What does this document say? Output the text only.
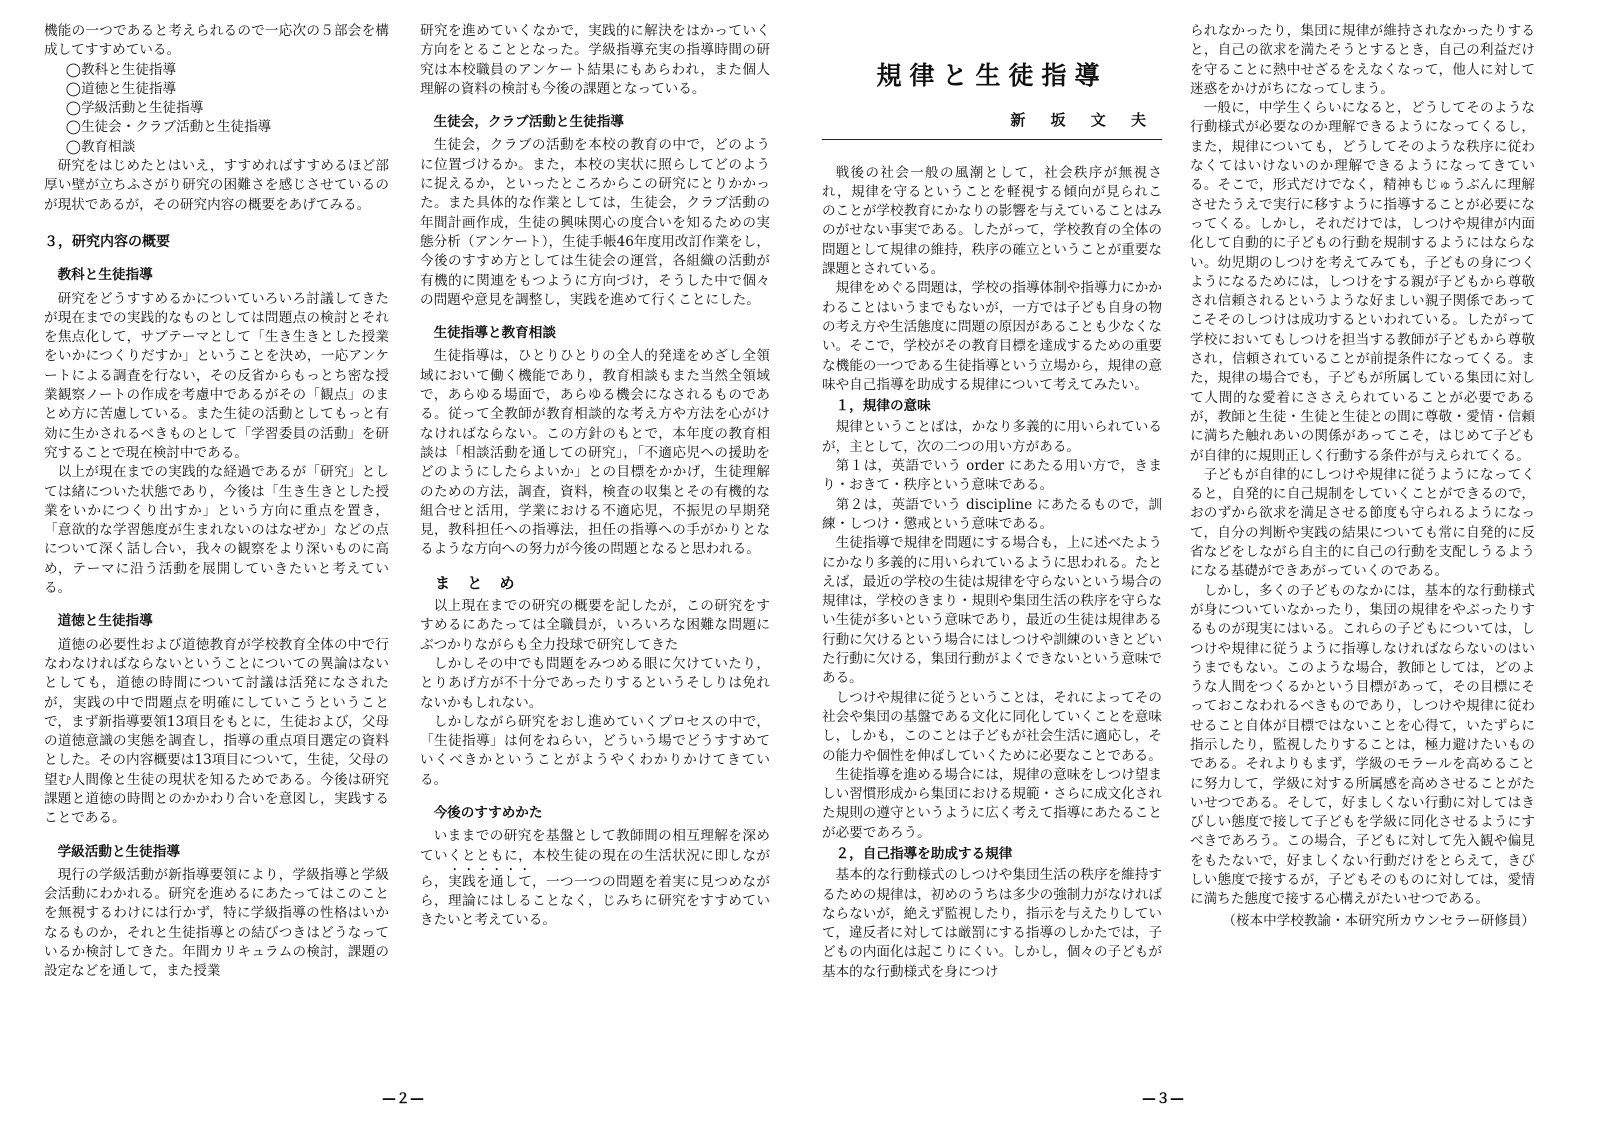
機能の一つであると考えられるので一応次の５部会を構成してすすめている。

◯教科と生徒指導

◯道徳と生徒指導

◯学級活動と生徒指導

◯生徒会・クラブ活動と生徒指導

◯教育相談

研究をはじめたとはいえ，すすめればすすめるほど部厚い壁が立ちふさがり研究の困難さを感じさせているのが現状であるが，その研究内容の概要をあげてみる。

３，研究内容の概要
教科と生徒指導

研究をどうすすめるかについていろいろ討議してきたが現在までの実践的なものとしては問題点の検討とそれを焦点化して，サブテーマとして「生き生きとした授業をいかにつくりだすか」ということを決め，一応アンケートによる調査を行ない，その反省からもっとち密な授業観察ノートの作成を考慮中であるがその「観点」のまとめ方に苦慮している。また生徒の活動としてもっと有効に生かされるべきものとして「学習委員の活動」を研究することで現在検討中である。

以上が現在までの実践的な経過であるが「研究」としては緒についた状態であり，今後は「生き生きとした授業をいかにつくり出すか」という方向に重点を置き，「意欲的な学習態度が生まれないのはなぜか」などの点について深く話し合い，我々の観察をより深いものに高め，テーマに沿う活動を展開していきたいと考えている。

道徳と生徒指導

道徳の必要性および道徳教育が学校教育全体の中で行なわなければならないということについての異論はないとしても，道徳の時間について討議は活発になされたが，実践の中で問題点を明確にしていこうということで，まず新指導要領13項目をもとに，生徒および，父母の道徳意識の実態を調査し，指導の重点項目選定の資料とした。その内容概要は13項目について，生徒，父母の望む人間像と生徒の現状を知るためである。今後は研究課題と道徳の時間とのかかわり合いを意図し，実践することである。

学級活動と生徒指導

現行の学級活動が新指導要領により，学級指導と学級会活動にわかれる。研究を進めるにあたってはこのことを無視するわけには行かず，特に学級指導の性格はいかなるものか，それと生徒指導との結びつきはどうなっているか検討してきた。年間カリキュラムの検討，課題の設定などを通して，また授業

研究を進めていくなかで，実践的に解決をはかっていく方向をとることとなった。学級指導充実の指導時間の研究は本校職員のアンケート結果にもあらわれ，また個人理解の資料の検討も今後の課題となっている。

生徒会，クラブ活動と生徒指導

生徒会，クラブの活動を本校の教育の中で，どのように位置づけるか。また，本校の実状に照らしてどのように捉えるか，といったところからこの研究にとりかかった。また具体的な作業としては，生徒会，クラブ活動の年間計画作成，生徒の興味関心の度合いを知るための実態分析（アンケート），生徒手帳46年度用改訂作業をし，今後のすすめ方としては生徒会の運営，各組織の活動が有機的に関連をもつように方向づけ，そうした中で個々の問題や意見を調整し，実践を進めて行くことにした。

生徒指導と教育相談

生徒指導は，ひとりひとりの全人的発達をめざし全領域において働く機能であり，教育相談もまた当然全領域で，あらゆる場面で，あらゆる機会になされるものである。従って全教師が教育相談的な考え方や方法を心がけなければならない。この方針のもとで，本年度の教育相談は「相談活動を通しての研究」，「不適応児への援助をどのようにしたらよいか」との目標をかかげ，生徒理解のための方法，調査，資料，検査の収集とその有機的な組合せと活用，学業における不適応児，不振児の早期発見，教科担任への指導法，担任の指導への手がかりとなるような方向への努力が今後の問題となると思われる。

ま と め

以上現在までの研究の概要を記したが，この研究をすすめるにあたっては全職員が，いろいろな困難な問題にぶつかりながらも全力投球で研究してきた

しかしその中でも問題をみつめる眼に欠けていたり，とりあげ方が不十分であったりするというそしりは免れないかもしれない。

しかしながら研究をおし進めていくプロセスの中で，「生徒指導」は何をねらい，どういう場でどうすすめていくべきかということがようやくわかりかけてきている。

今後のすすめかた

いままでの研究を基盤として教師間の相互理解を深めていくとともに，本校生徒の現在の生活状況に即しながら，実践を通して，一つ一つの問題を着実に見つめながら，理論にはしることなく，じみちに研究をすすめていきたいと考えている。

—２—
規律と生徒指導
新 坂 文 夫

戦後の社会一般の風潮として，社会秩序が無視され，規律を守るということを軽視する傾向が見られこのことが学校教育にかなりの影響を与えていることはみのがせない事実である。したがって，学校教育の全体の問題として規律の維持，秩序の確立ということが重要な課題とされている。

規律をめぐる問題は，学校の指導体制や指導力にかかわることはいうまでもないが，一方では子ども自身の物の考え方や生活態度に問題の原因があることも少なくない。そこで，学校がその教育目標を達成するための重要な機能の一つである生徒指導という立場から，規律の意味や自己指導を助成する規律について考えてみたい。

１，規律の意味

規律ということばは，かなり多義的に用いられているが，主として，次の二つの用い方がある。

第１は，英語でいう order にあたる用い方で，きまり・おきて・秩序という意味である。

第２は，英語でいう discipline にあたるもので，訓練・しつけ・懲戒という意味である。

生徒指導で規律を問題にする場合も，上に述べたようにかなり多義的に用いられているように思われる。たとえば，最近の学校の生徒は規律を守らないという場合の規律は，学校のきまり・規則や集団生活の秩序を守らない生徒が多いという意味であり，最近の生徒は規律ある行動に欠けるという場合にはしつけや訓練のいきとどいた行動に欠ける，集団行動がよくできないという意味である。

しつけや規律に従うということは，それによってその社会や集団の基盤である文化に同化していくことを意味し，しかも，このことは子どもが社会生活に適応し，その能力や個性を伸ばしていくために必要なことである。

生徒指導を進める場合には，規律の意味をしつけ望ましい習慣形成から集団における規範・さらに成文化された規則の遵守というように広く考えて指導にあたることが必要であろう。

２，自己指導を助成する規律

基本的な行動様式のしつけや集団生活の秩序を維持するための規律は，初めのうちは多少の強制力がなければならないが，絶えず監視したり，指示を与えたりしていて，違反者に対しては厳罰にする指導のしかたでは，子どもの内面化は起こりにくい。しかし，個々の子どもが基本的な行動様式を身につけ

られなかったり，集団に規律が維持されなかったりすると，自己の欲求を満たそうとするとき，自己の利益だけを守ることに熱中せざるをえなくなって，他人に対して迷惑をかけがちになってしまう。

一般に，中学生くらいになると，どうしてそのような行動様式が必要なのか理解できるようになってくるし，また，規律についても，どうしてそのような秩序に従わなくてはいけないのか理解できるようになってきている。そこで，形式だけでなく，精神もじゅうぶんに理解させたうえで実行に移すように指導することが必要になってくる。しかし，それだけでは，しつけや規律が内面化して自動的に子どもの行動を規制するようにはならない。幼児期のしつけを考えてみても，子どもの身につくようになるためには，しつけをする親が子どもから尊敬され信頼されるというような好ましい親子関係であってこそそのしつけは成功するといわれている。したがって学校においてもしつけを担当する教師が子どもから尊敬され，信頼されていることが前提条件になってくる。また，規律の場合でも，子どもが所属している集団に対して人間的な愛着にささえられていることが必要であるが，教師と生徒・生徒と生徒との間に尊敬・愛情・信頼に満ちた触れあいの関係があってこそ，はじめて子どもが自律的に規則正しく行動する条件が与えられてくる。

子どもが自律的にしつけや規律に従うようになってくると，自発的に自己規制をしていくことができるので，おのずから欲求を満足させる節度も守られるようになって，自分の判断や実践の結果についても常に自発的に反省などをしながら自主的に自己の行動を支配しうるようになる基礎ができあがっていくのである。

しかし，多くの子どものなかには，基本的な行動様式が身についていなかったり，集団の規律をやぶったりするものが現実にはいる。これらの子どもについては，しつけや規律に従うように指導しなければならないのはいうまでもない。このような場合，教師としては，どのような人間をつくるかという目標があって，その目標にそっておこなわれるべきものであり，しつけや規律に従わせること自体が目標ではないことを心得て，いたずらに指示したり，監視したりすることは，極力避けたいものである。それよりもまず，学級のモラールを高めることに努力して，学級に対する所属感を高めさせることがたいせつである。そして，好ましくない行動に対してはきびしい態度で接して子どもを学級に同化させるようにすべきであろう。この場合，子どもに対して先入観や偏見をもたないで，好ましくない行動だけをとらえて，きびしい態度で接するが，子どもそのものに対しては，愛情に満ちた態度で接する心構えがたいせつである。

（桜本中学校教諭・本研究所カウンセラー研修員）
—３—
